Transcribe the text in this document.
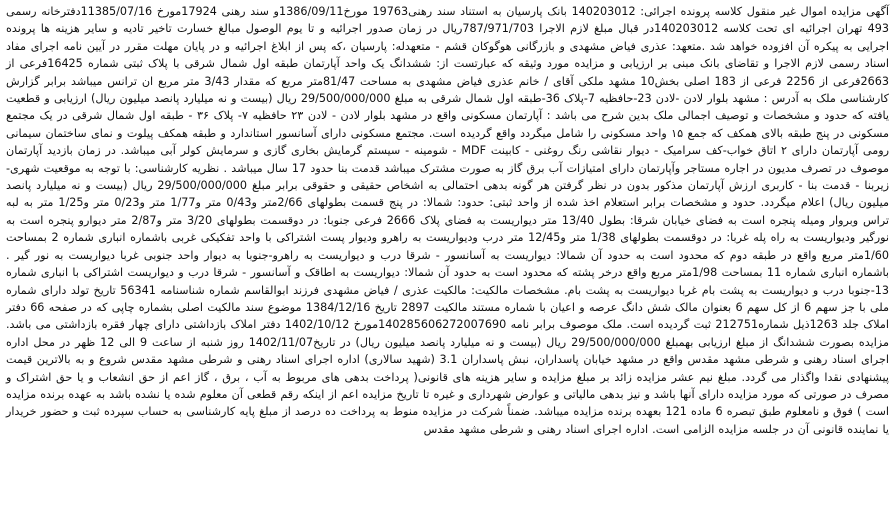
آگهی مزایده اموال غیر منقول کلاسه پرونده اجرائی: 140203012 بانک پارسیان به استناد سند رهنی19763 مورخ1386/09/11و سند رهنی 17924مورخ 11385/07/16دفترخانه رسمی 493 تهران اجرائیه ای تحت کلاسه 140203012در قبال مبلغ لازم الاجرا 787/971/703ریال در زمان صدور اجرائیه و تا یوم الوصول مبالغ خسارت تاخیر تادیه و سایر هزینه ها پرونده اجرایی به پیکره آن افزوده خواهد شد .متعهد: عذری فیاض مشهدی و بازرگانی هوگوکان قشم - متعهدله: پارسیان ،که پس از ابلاغ اجرائیه و در پایان مهلت مقرر در آیین نامه اجرای مفاد اسناد رسمی لازم الاجرا و تقاضای بانک مبنی بر ارزیابی و مزایده مورد وثیقه که عبارتست از: ششدانگ یک واحد آپارتمان طبقه اول شمال شرقی با پلاک ثبتی شماره 16425فرعی از 2663فرعی از 2256 فرعی از 183 اصلی بخش10 مشهد ملکی آقای / خانم عذری فیاض مشهدی به مساحت 81/47متر مربع که مقدار 3/43 متر مربع ان ترانس میباشد برابر گزارش کارشناسی ملک به آدرس : مشهد بلوار لادن -لادن 23-حافظیه 7-پلاک 36-طبقه اول شمال شرقی به مبلغ 29/500/000/000 ریال (بیست و نه میلیارد پانصد میلیون ریال) ارزیابی و قطعیت یافته که حدود و مشخصات و توصیف اجمالی ملک بدین شرح می باشد : آپارتمان مسکونی واقع در مشهد بلوار لادن - لادن ۲۳ حافظیه ۷- پلاک ۳۶ - طبقه اول شمال شرقی در یک مجتمع مسکونی در پنج طبقه بالای همکف که جمع ۱۵ واحد مسکونی را شامل میگردد واقع گردیده است. مجتمع مسکونی دارای آسانسور استاندارد و طبقه همکف پیلوت و نمای ساختمان سیمانی رومی آپارتمان دارای ۲ اتاق خواب-کف سرامیک - دیوار نقاشی رنگ روغنی - کابینت MDF - شومینه - سیستم گرمایش بخاری گازی و سرمایش کولر آبی میباشد. در زمان بازدید آپارتمان موصوف در تصرف مدیون در اجاره مستاجر وآپارتمان دارای امتیازات آب برق گاز به صورت مشترک میباشد قدمت بنا حدود 17 سال میباشد . نظریه کارشناسی: با توجه به موقعیت شهری- زیربنا - قدمت بنا - کاربری ارزش آپارتمان مذکور بدون در نظر گرفتن هر گونه بدهی احتمالی به اشخاص حقیقی و حقوقی برابر مبلغ 29/500/000/000 ریال (بیست و نه میلیارد پانصد میلیون ریال) اعلام میگردد. حدود و مشخصات برابر استعلام اخذ شده از واحد ثبتی: حدود: شمالا: در پنج قسمت بطولهای 2/66متر و0/43 متر و1/77 متر و0/23 متر و1/25 متر به لبه تراس وبروار ومیله پنجره است به فضای خیابان شرقا: بطول 13/40 متر دیواریست به فضای پلاک 2666 فرعی جنوبا: در دوقسمت بطولهای 3/20 متر و2/87 متر دیوارو پنجره است به نورگیر ودیواریست به راه پله غربا: در دوقسمت بطولهای 1/38 متر و12/45 متر درب ودیواریست به راهرو ودیوار پست اشتراکی با واحد تفکیکی غربی باشماره انباری شماره 2 بمساحت 1/60متر مربع واقع در طبقه دوم که محدود است به حدود آن شمالا: دیواریست به آسانسور - شرقا درب و دیواریست به راهرو-جنوبا به دیوار واحد جنوبی غربا دیواریست به نور گیر . باشماره انباری شماره 11 بمساحت 1/98متر مربع واقع درخر پشته که محدود است به حدود آن شمالا: دیواریست به اطاقک و آسانسور - شرقا درب و دیواریست اشتراکی با انباری شماره 13-جنوبا درب و دیواریست به پشت بام غربا دیواریست به پشت بام. مشخصات مالکیت: مالکیت عذری / فیاض مشهدی فرزند ابوالقاسم شماره شناسنامه 56341 تاریخ تولد دارای شماره ملی با جز سهم 6 از کل سهم 6 بعنوان مالک شش دانگ عرصه و اعیان با شماره مستند مالکیت 2897 تاریخ 1384/12/16 موضوع سند مالکیت اصلی بشماره چاپی که در صفحه 66 دفتر املاک جلد 1263ذیل شماره212751 ثبت گردیده است. ملک موصوف برابر نامه 140285606272007690مورخ 1402/10/12 دفتر املاک بازداشتی دارای چهار فقره بازداشتی می باشد. مزایده بصورت ششدانگ از مبلغ ارزیابی بهمبلغ 29/500/000/000 ریال (بیست و نه میلیارد پانصد میلیون ریال) در تاریخ1402/11/07 روز شنبه از ساعت 9 الی 12 ظهر در محل اداره اجرای اسناد رهنی و شرطی مشهد مقدس واقع در مشهد خیابان پاسداران، نبش پاسداران 3.1 (شهید سالاری) اداره اجرای اسناد رهنی و شرطی مشهد مقدس شروع و به بالاترین قیمت پیشنهادی نقدا واگذار می گردد. مبلغ نیم عشر مزایده زائد بر مبلغ مزایده و سایر هزینه های قانونی( پرداخت بدهی های مربوط به آب ، برق ، گاز اعم از حق انشعاب و یا حق اشتراک و مصرف در صورتی که مورد مزایده دارای آنها باشد و نیز بدهی مالیاتی و عوارض شهرداری و غیره تا تاریخ مزایده اعم از اینکه رقم قطعی آن معلوم شده یا نشده باشد به عهده برنده مزایده است ) فوق و نامعلوم طبق تبصره 6 ماده 121 بعهده برنده مزایده میباشد. ضمناً شرکت در مزایده منوط به پرداخت ده درصد از مبلغ پایه کارشناسی به حساب سپرده ثبت و حضور خریدار یا نماینده قانونی آن در جلسه مزایده الزامی است. اداره اجرای اسناد رهنی و شرطی مشهد مقدس
